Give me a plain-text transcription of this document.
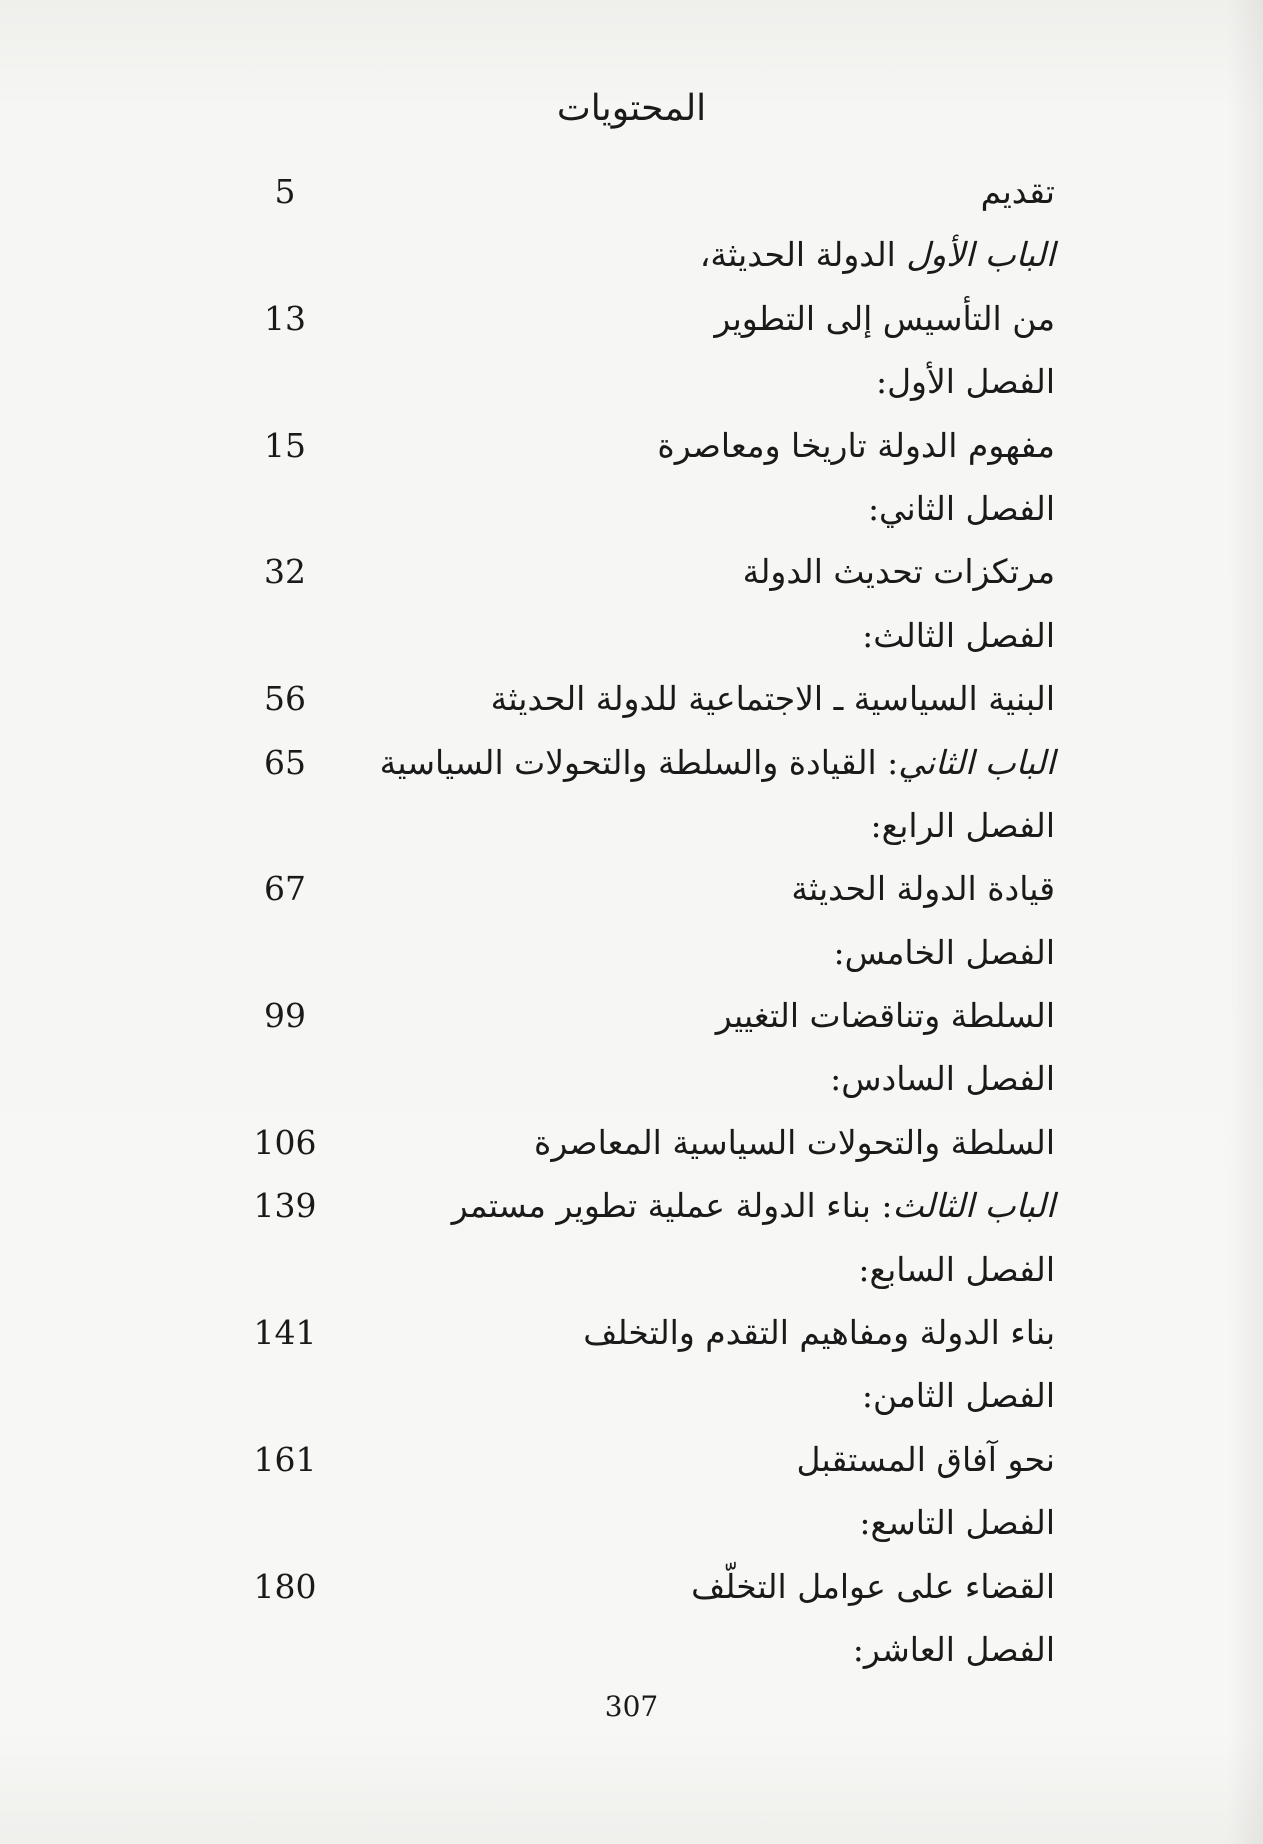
المحتويات
تقديم
5
الباب الأول الدولة الحديثة،
من التأسيس إلى التطوير
13
الفصل الأول:
مفهوم الدولة تاريخا ومعاصرة
15
الفصل الثاني:
مرتكزات تحديث الدولة
32
الفصل الثالث:
البنية السياسية ـ الاجتماعية للدولة الحديثة
56
الباب الثاني: القيادة والسلطة والتحولات السياسية
65
الفصل الرابع:
قيادة الدولة الحديثة
67
الفصل الخامس:
السلطة وتناقضات التغيير
99
الفصل السادس:
السلطة والتحولات السياسية المعاصرة
106
الباب الثالث: بناء الدولة عملية تطوير مستمر
139
الفصل السابع:
بناء الدولة ومفاهيم التقدم والتخلف
141
الفصل الثامن:
نحو آفاق المستقبل
161
الفصل التاسع:
القضاء على عوامل التخلّف
180
الفصل العاشر:
307
